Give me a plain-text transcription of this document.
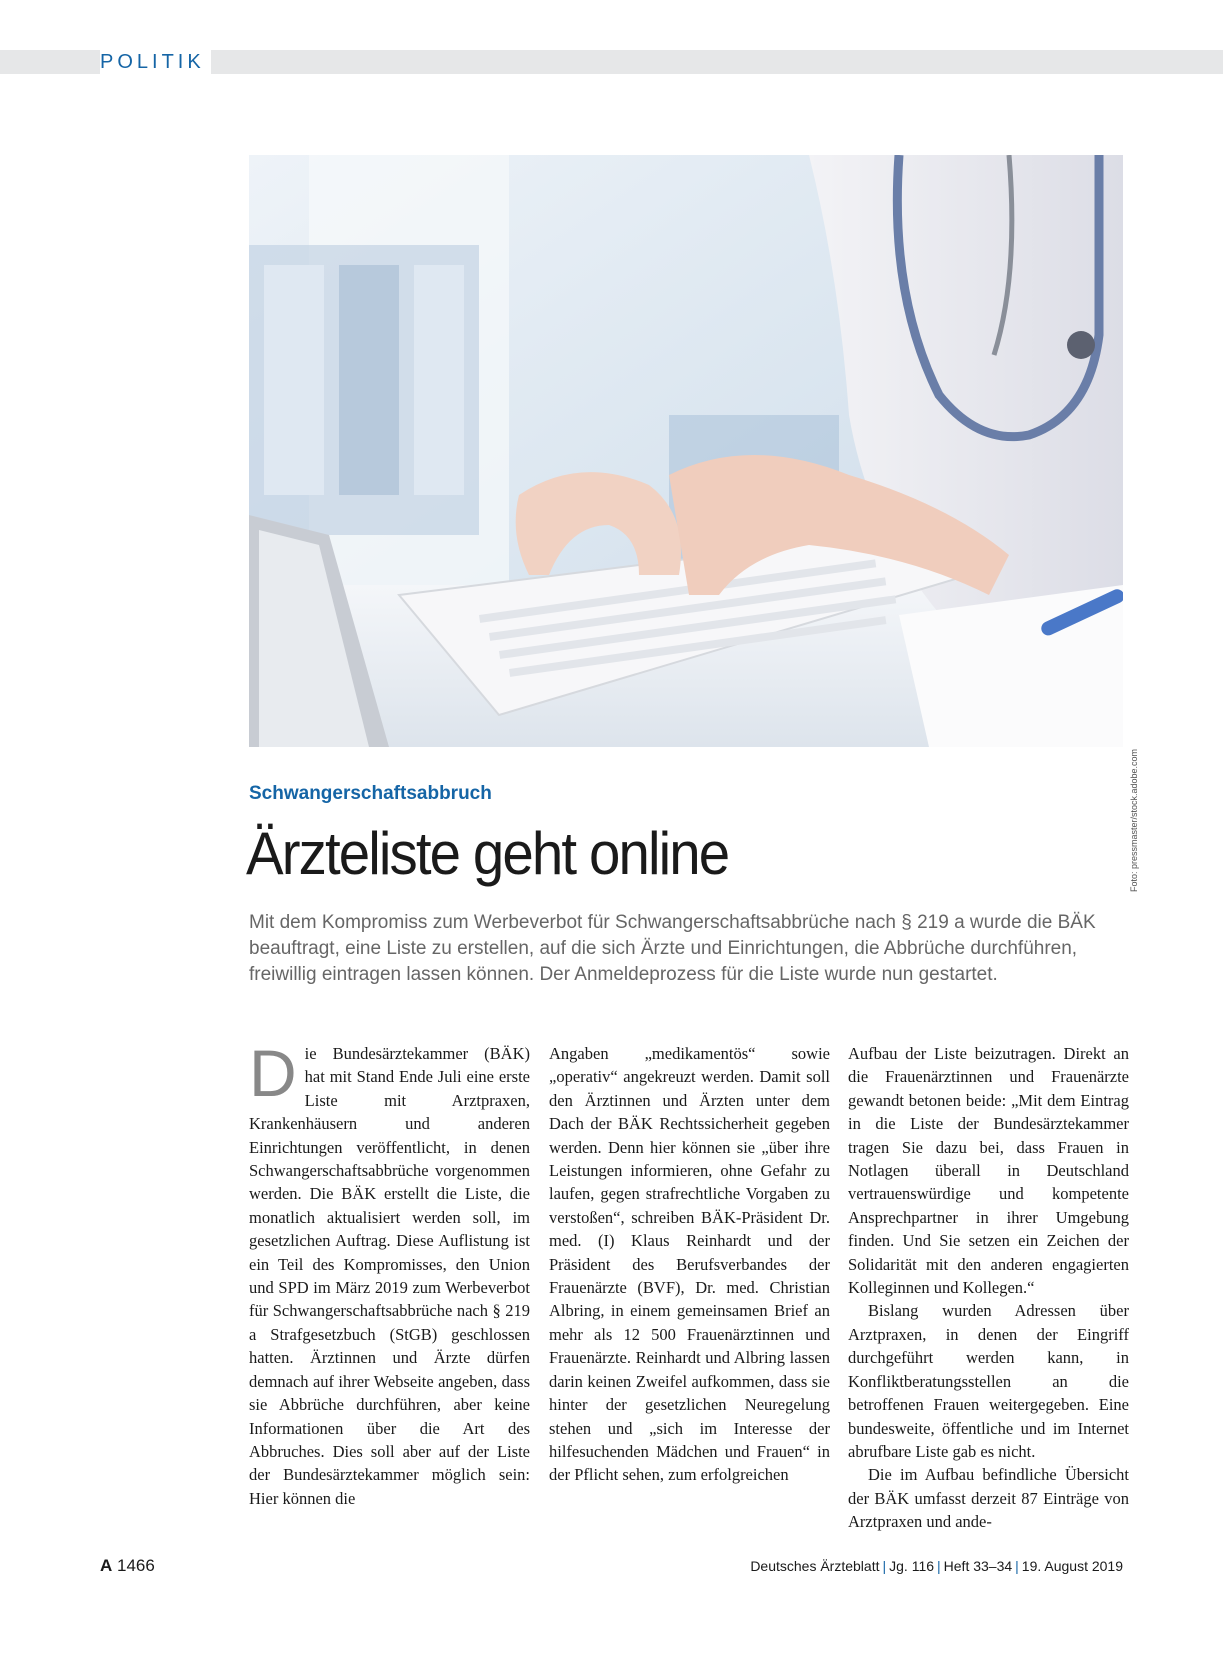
POLITIK
Foto: pressmaster/stock.adobe.com
Schwangerschaftsabbruch
Ärzteliste geht online

Mit dem Kompromiss zum Werbeverbot für Schwangerschaftsabbrüche nach § 219 a wurde die BÄK beauftragt, eine Liste zu erstellen, auf die sich Ärzte und Einrichtungen, die Abbrüche durchführen, freiwillig eintragen lassen können. Der Anmeldeprozess für die Liste wurde nun gestartet.

Die Bundesärztekammer (BÄK) hat mit Stand Ende Juli eine erste Liste mit Arztpraxen, Krankenhäusern und anderen Einrichtungen veröffentlicht, in denen Schwangerschaftsabbrüche vorgenommen werden. Die BÄK erstellt die Liste, die monatlich aktualisiert werden soll, im gesetzlichen Auftrag. Diese Auflistung ist ein Teil des Kompromisses, den Union und SPD im März 2019 zum Werbeverbot für Schwangerschaftsabbrüche nach § 219 a Strafgesetzbuch (StGB) geschlossen hatten. Ärztinnen und Ärzte dürfen demnach auf ihrer Webseite angeben, dass sie Abbrüche durchführen, aber keine Informationen über die Art des Abbruches. Dies soll aber auf der Liste der Bundesärztekammer möglich sein: Hier können die

Angaben „medikamentös“ sowie „operativ“ angekreuzt werden. Damit soll den Ärztinnen und Ärzten unter dem Dach der BÄK Rechtssicherheit gegeben werden. Denn hier können sie „über ihre Leistungen informieren, ohne Gefahr zu laufen, gegen strafrechtliche Vorgaben zu verstoßen“, schreiben BÄK-Präsident Dr. med. (I) Klaus Reinhardt und der Präsident des Berufsverbandes der Frauenärzte (BVF), Dr. med. Christian Albring, in einem gemeinsamen Brief an mehr als 12 500 Frauenärztinnen und Frauenärzte. Reinhardt und Albring lassen darin keinen Zweifel aufkommen, dass sie hinter der gesetzlichen Neuregelung stehen und „sich im Interesse der hilfesuchenden Mädchen und Frauen“ in der Pflicht sehen, zum erfolgreichen

Aufbau der Liste beizutragen. Direkt an die Frauenärztinnen und Frauenärzte gewandt betonen beide: „Mit dem Eintrag in die Liste der Bundesärztekammer tragen Sie dazu bei, dass Frauen in Notlagen überall in Deutschland vertrauenswürdige und kompetente Ansprechpartner in ihrer Umgebung finden. Und Sie setzen ein Zeichen der Solidarität mit den anderen engagierten Kolleginnen und Kollegen.“

Bislang wurden Adressen über Arztpraxen, in denen der Eingriff durchgeführt werden kann, in Konfliktberatungsstellen an die betroffenen Frauen weitergegeben. Eine bundesweite, öffentliche und im Internet abrufbare Liste gab es nicht.

Die im Aufbau befindliche Übersicht der BÄK umfasst derzeit 87 Einträge von Arztpraxen und ande-

A 1466	Deutsches Ärzteblatt | Jg. 116 | Heft 33–34 | 19. August 2019
